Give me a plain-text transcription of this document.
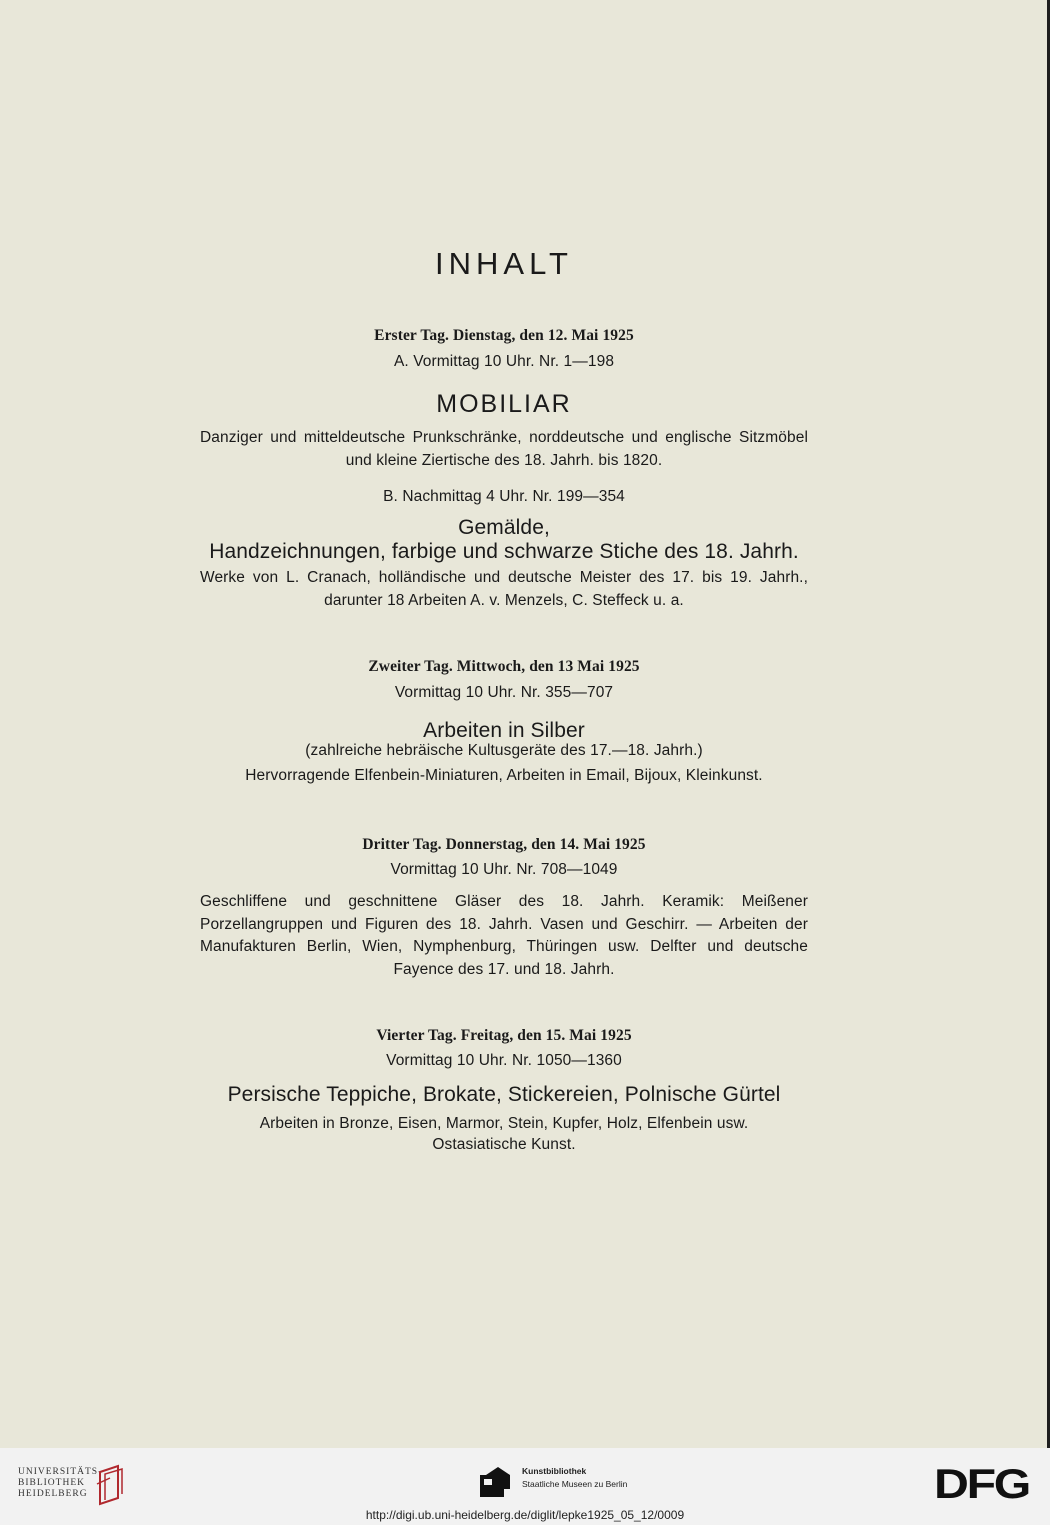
INHALT
Erster Tag. Dienstag, den 12. Mai 1925
A. Vormittag 10 Uhr. Nr. 1—198
MOBILIAR
Danziger und mitteldeutsche Prunkschränke, norddeutsche und englische Sitzmöbel und kleine Ziertische des 18. Jahrh. bis 1820.
B. Nachmittag 4 Uhr. Nr. 199—354
Gemälde,
Handzeichnungen, farbige und schwarze Stiche des 18. Jahrh.
Werke von L. Cranach, holländische und deutsche Meister des 17. bis 19. Jahrh., darunter 18 Arbeiten A. v. Menzels, C. Steffeck u. a.
Zweiter Tag. Mittwoch, den 13 Mai 1925
Vormittag 10 Uhr. Nr. 355—707
Arbeiten in Silber
(zahlreiche hebräische Kultusgeräte des 17.—18. Jahrh.)
Hervorragende Elfenbein-Miniaturen, Arbeiten in Email, Bijoux, Kleinkunst.
Dritter Tag. Donnerstag, den 14. Mai 1925
Vormittag 10 Uhr. Nr. 708—1049
Geschliffene und geschnittene Gläser des 18. Jahrh. Keramik: Meißener Porzellangruppen und Figuren des 18. Jahrh. Vasen und Geschirr. — Arbeiten der Manufakturen Berlin, Wien, Nymphenburg, Thüringen usw. Delfter und deutsche Fayence des 17. und 18. Jahrh.
Vierter Tag. Freitag, den 15. Mai 1925
Vormittag 10 Uhr. Nr. 1050—1360
Persische Teppiche, Brokate, Stickereien, Polnische Gürtel
Arbeiten in Bronze, Eisen, Marmor, Stein, Kupfer, Holz, Elfenbein usw.
Ostasiatische Kunst.
UNIVERSITÄTS-
BIBLIOTHEK
HEIDELBERG
Kunstbibliothek
Staatliche Museen zu Berlin	DFG
http://digi.ub.uni-heidelberg.de/diglit/lepke1925_05_12/0009
